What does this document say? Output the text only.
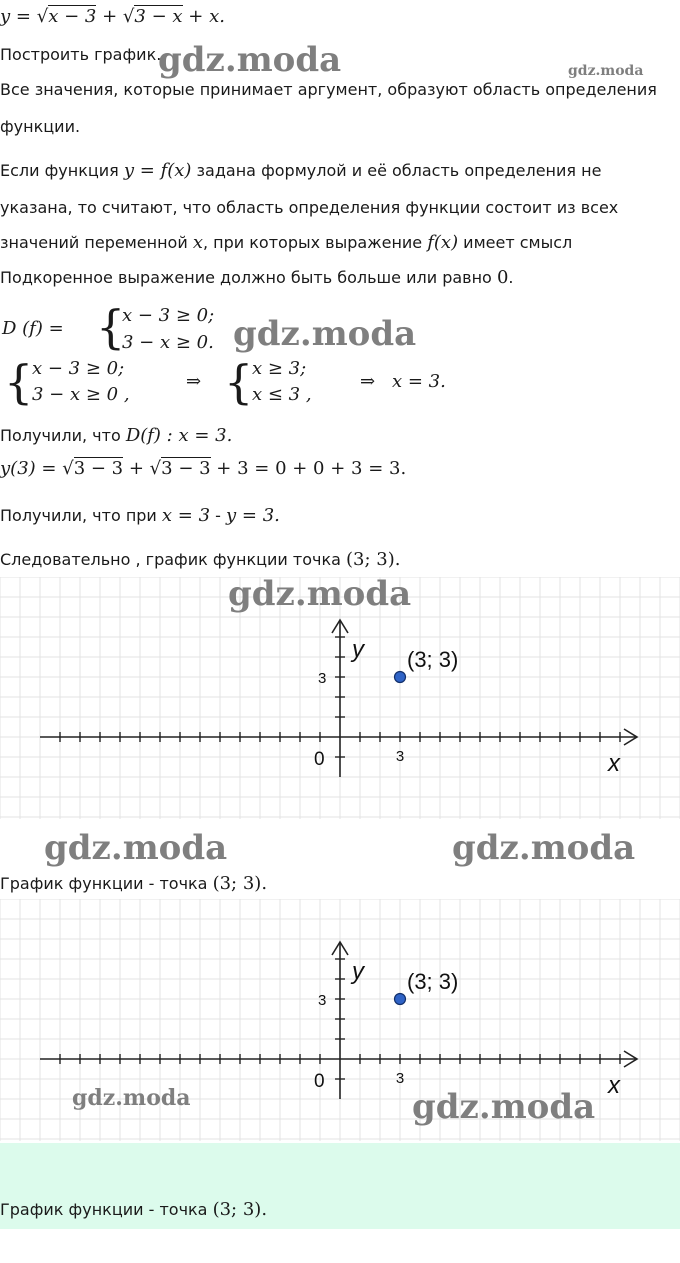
y = √x − 3 + √3 − x + x.
Построить график.
Все значения, которые принимает аргумент, образуют область определения
функции.
Если функция y = f(x) задана формулой и её область определения не
указана, то считают, что область определения функции состоит из всех
значений переменной x, при которых выражение f(x) имеет смысл
Подкоренное выражение должно быть больше или равно 0.
D (f) = {
x − 3 ≥ 0;
3 − x ≥ 0.
{
x − 3 ≥ 0;
3 − x ≥ 0 ,
⇒ {
x ≥ 3;
x ≤ 3 ,
⇒ x = 3.
Получили, что D(f) : x = 3.
y(3) = √3 − 3 + √3 − 3 + 3 = 0 + 0 + 3 = 3.
Получили, что при x = 3 - y = 3.
Следовательно , график функции точка (3; 3).
y
x
0	3
3
(3; 3)
График функции - точка (3; 3).
y
x
0	3
3
(3; 3)
График функции - точка (3; 3).
gdz.moda	gdz.moda
gdz.moda
gdz.moda
gdz.moda	gdz.moda
gdz.moda	gdz.moda
